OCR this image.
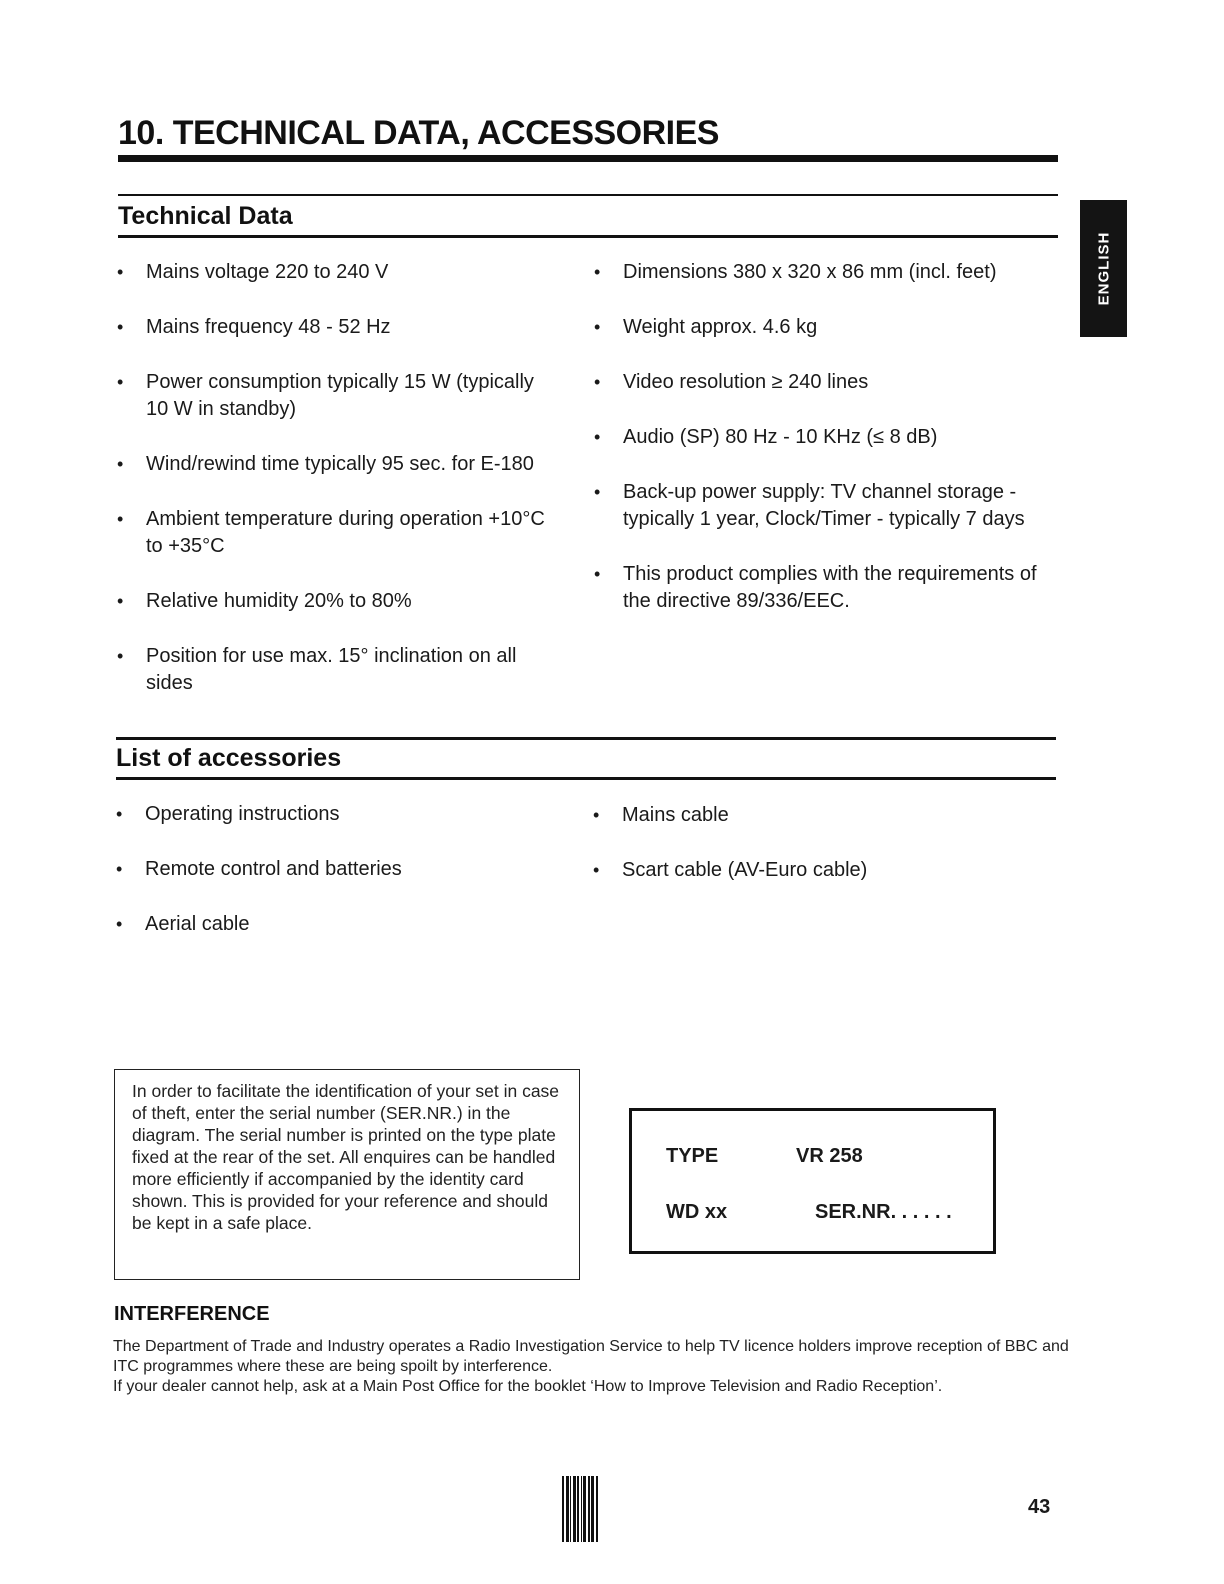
10. TECHNICAL DATA, ACCESSORIES
ENGLISH
Technical Data
• Mains voltage 220 to 240 V
• Mains frequency 48 - 52 Hz
• Power consumption typically 15 W (typically 10 W in standby)
• Wind/rewind time typically 95 sec. for E-180
• Ambient temperature during operation +10°C to +35°C
• Relative humidity 20% to 80%
• Position for use max. 15° inclination on all sides
• Dimensions 380 x 320 x 86 mm (incl. feet)
• Weight approx. 4.6 kg
• Video resolution ≥ 240 lines
• Audio (SP) 80 Hz - 10 KHz (≤ 8 dB)
• Back-up power supply: TV channel storage - typically 1 year, Clock/Timer - typically 7 days
• This product complies with the requirements of the directive 89/336/EEC.
List of accessories
• Operating instructions
• Remote control and batteries
• Aerial cable
• Mains cable
• Scart cable (AV-Euro cable)
In order to facilitate the identification of your set in case of theft, enter the serial number (SER.NR.) in the diagram. The serial number is printed on the type plate fixed at the rear of the set. All enquires can be handled more efficiently if accompanied by the identity card shown. This is provided for your reference and should be kept in a safe place.
TYPE	VR 258
WD xx	SER.NR. . . . . .
INTERFERENCE
The Department of Trade and Industry operates a Radio Investigation Service to help TV licence holders improve reception of BBC and ITC programmes where these are being spoilt by interference.
If your dealer cannot help, ask at a Main Post Office for the booklet ‘How to Improve Television and Radio Reception’.
43
